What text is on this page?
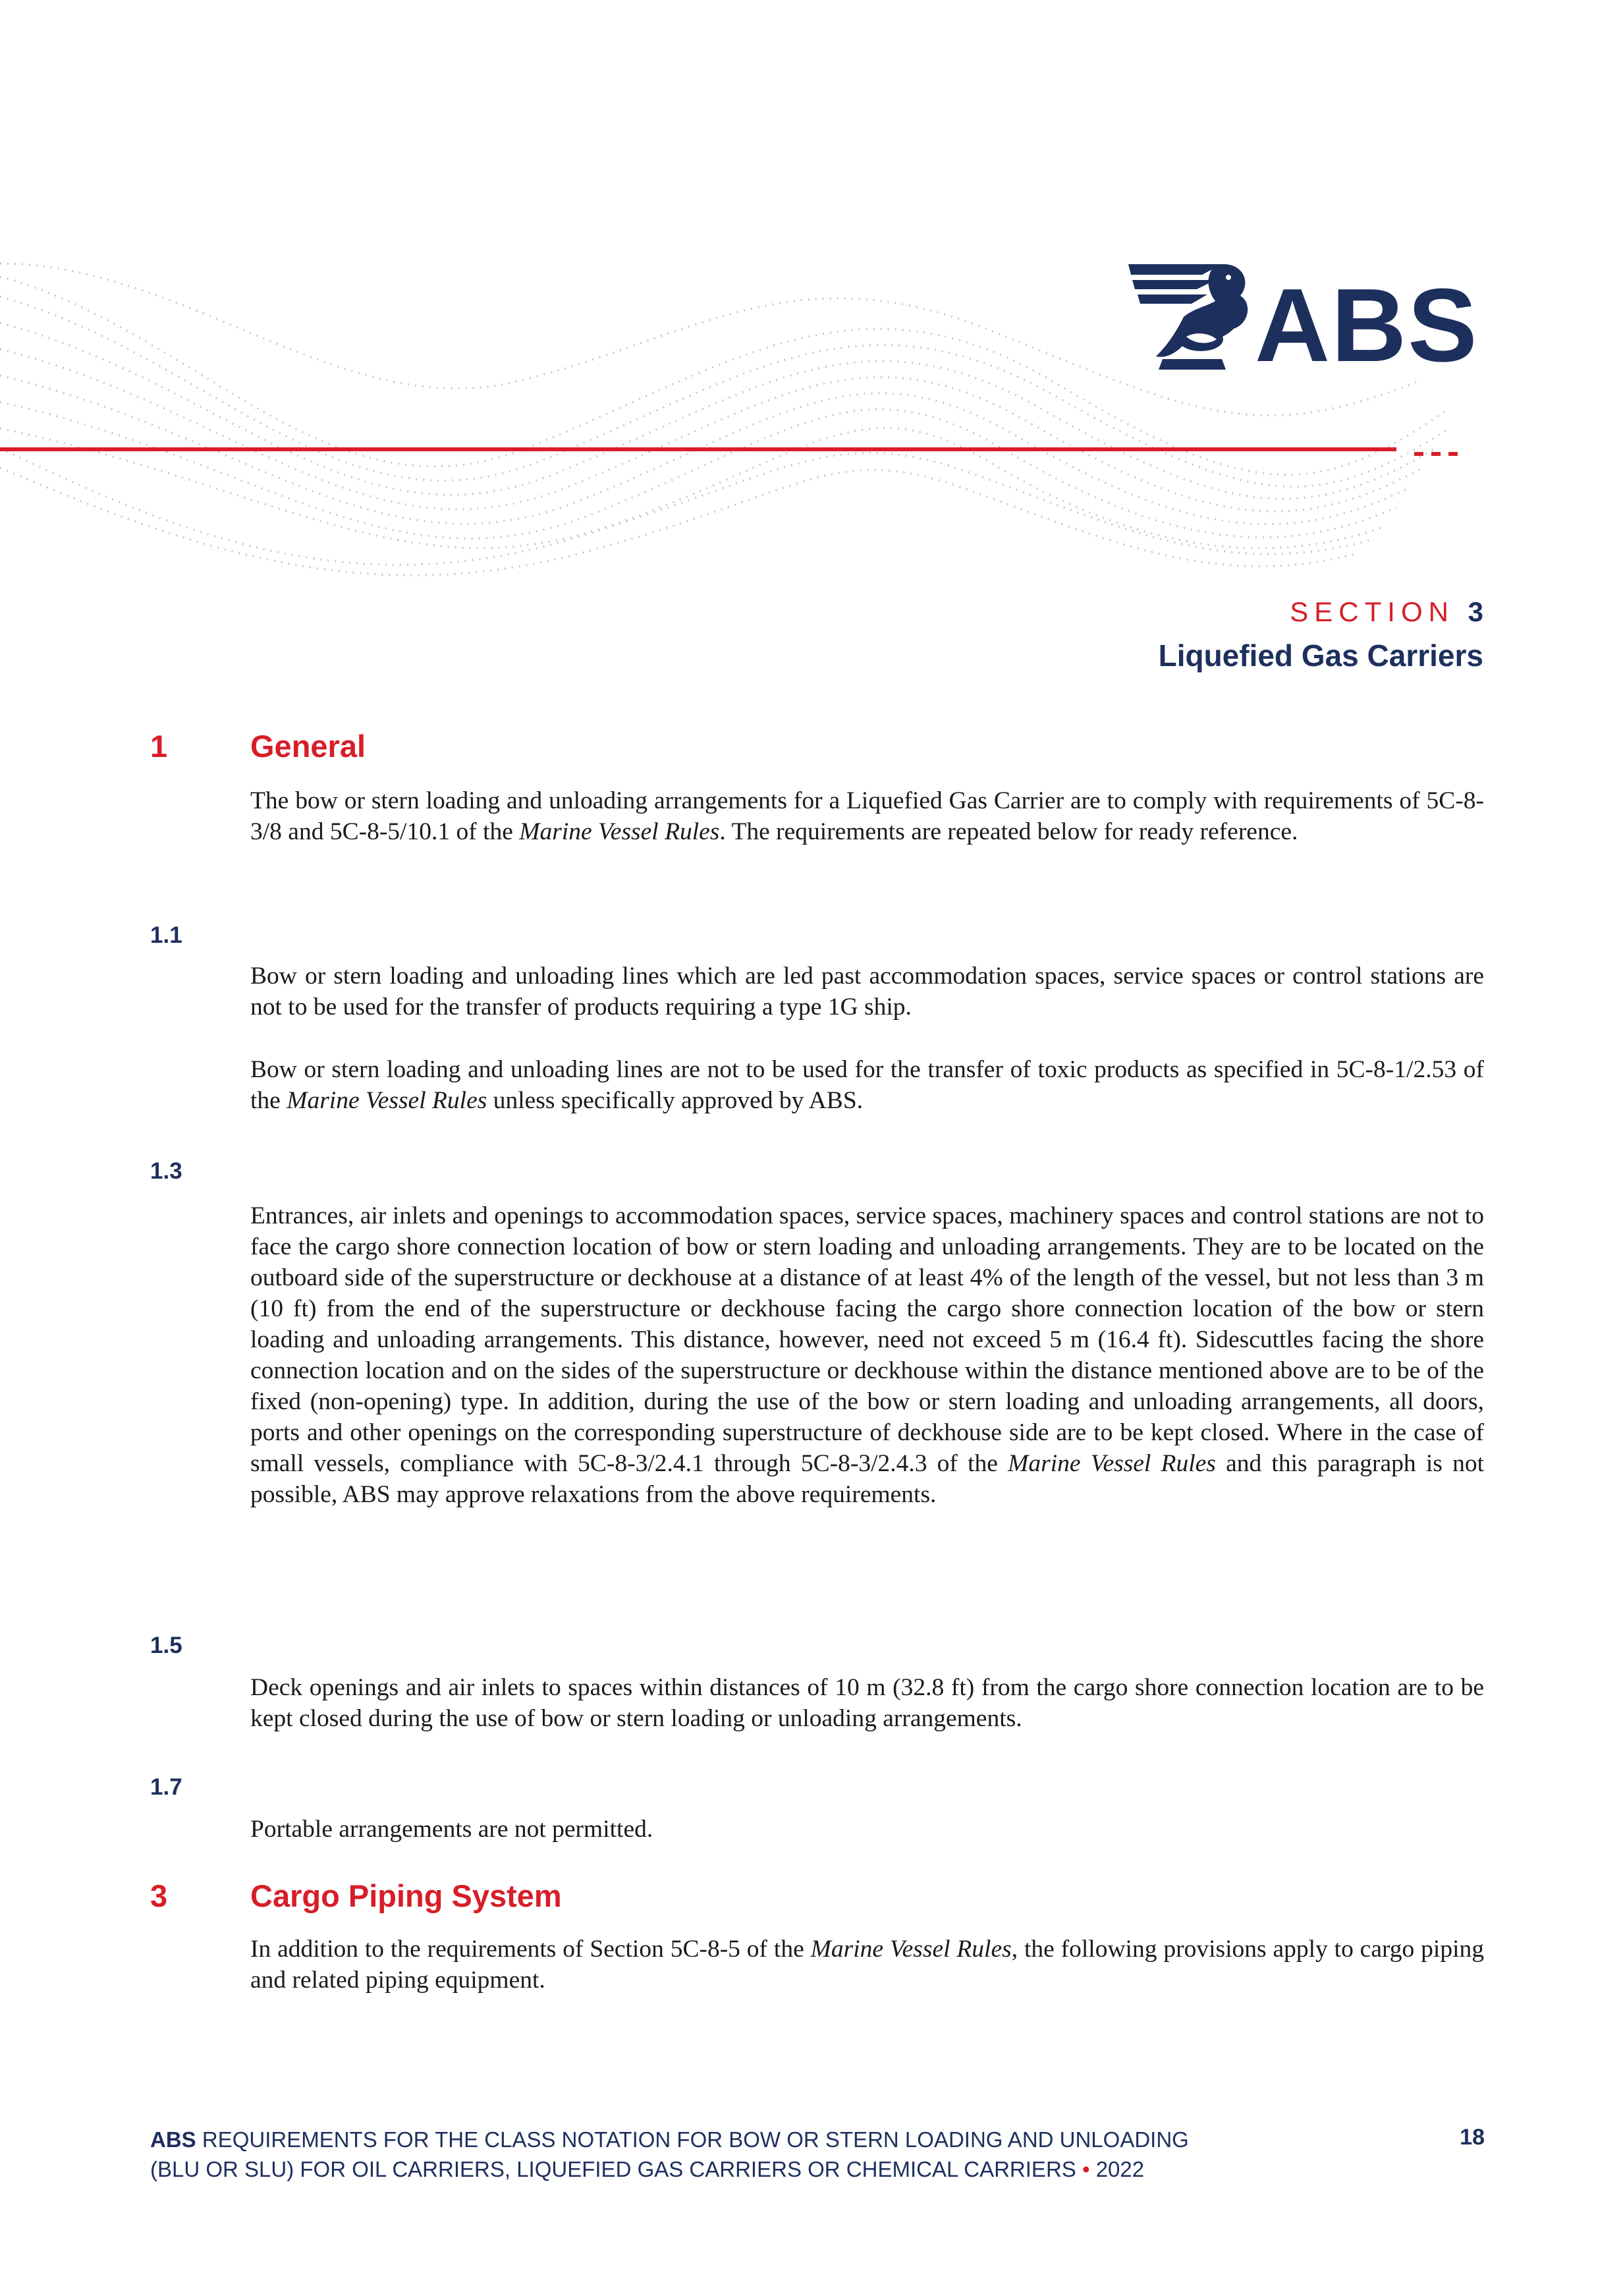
ABS
SECTION 3
Liquefied Gas Carriers
1	General

The bow or stern loading and unloading arrangements for a Liquefied Gas Carrier are to comply with requirements of 5C-8-3/8 and 5C-8-5/10.1 of the Marine Vessel Rules. The requirements are repeated below for ready reference.

1.1

Bow or stern loading and unloading lines which are led past accommodation spaces, service spaces or control stations are not to be used for the transfer of products requiring a type 1G ship.

Bow or stern loading and unloading lines are not to be used for the transfer of toxic products as specified in 5C-8-1/2.53 of the Marine Vessel Rules unless specifically approved by ABS.

1.3

Entrances, air inlets and openings to accommodation spaces, service spaces, machinery spaces and control stations are not to face the cargo shore connection location of bow or stern loading and unloading arrangements. They are to be located on the outboard side of the superstructure or deckhouse at a distance of at least 4% of the length of the vessel, but not less than 3 m (10 ft) from the end of the superstructure or deckhouse facing the cargo shore connection location of the bow or stern loading and unloading arrangements. This distance, however, need not exceed 5 m (16.4 ft). Sidescuttles facing the shore connection location and on the sides of the superstructure or deckhouse within the distance mentioned above are to be of the fixed (non-opening) type. In addition, during the use of the bow or stern loading and unloading arrangements, all doors, ports and other openings on the corresponding superstructure of deckhouse side are to be kept closed. Where in the case of small vessels, compliance with 5C-8-3/2.4.1 through 5C-8-3/2.4.3 of the Marine Vessel Rules and this paragraph is not possible, ABS may approve relaxations from the above requirements.

1.5

Deck openings and air inlets to spaces within distances of 10 m (32.8 ft) from the cargo shore connection location are to be kept closed during the use of bow or stern loading or unloading arrangements.

1.7

Portable arrangements are not permitted.

3	Cargo Piping System

In addition to the requirements of Section 5C-8-5 of the Marine Vessel Rules, the following provisions apply to cargo piping and related piping equipment.

ABS REQUIREMENTS FOR THE CLASS NOTATION FOR BOW OR STERN LOADING AND UNLOADING
(BLU OR SLU) FOR OIL CARRIERS, LIQUEFIED GAS CARRIERS OR CHEMICAL CARRIERS • 2022
18
